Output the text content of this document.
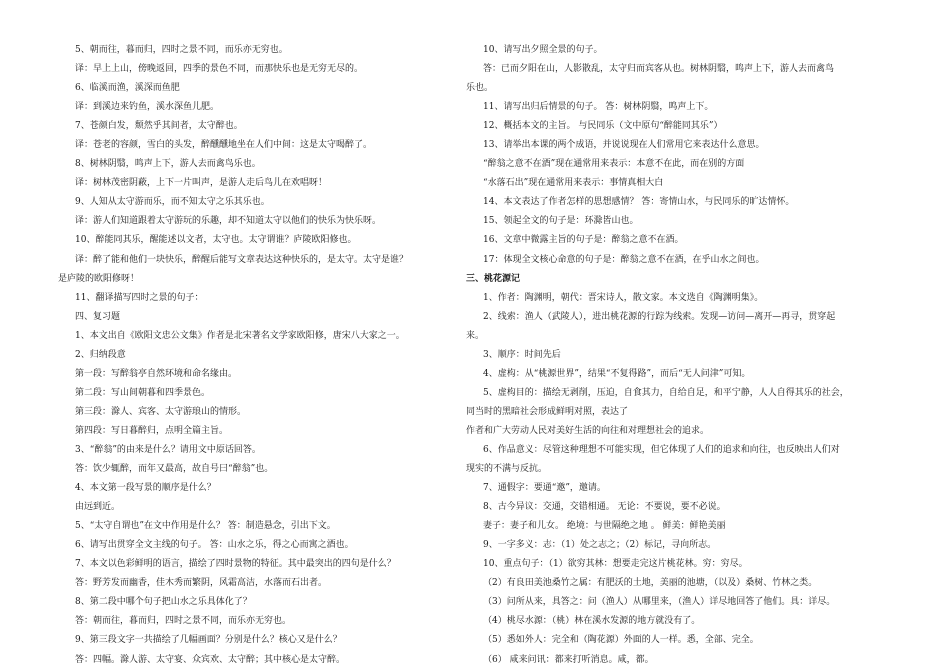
5、朝而往，暮而归，四时之景不同，而乐亦无穷也。
译：早上上山，傍晚返回，四季的景色不同，而那快乐也是无穷无尽的。
6、临溪而渔，溪深而鱼肥
译：到溪边来钓鱼，溪水深鱼儿肥。
7、苍颜白发，颓然乎其间者，太守醉也。
译：苍老的容颜，雪白的头发，醉醺醺地坐在人们中间：这是太守喝醉了。
8、树林阴翳，鸣声上下，游人去而禽鸟乐也。
译：树林茂密阴蔽，上下一片叫声，是游人走后鸟儿在欢唱呀！
9、人知从太守游而乐，而不知太守之乐其乐也。
译：游人们知道跟着太守游玩的乐趣，却不知道太守以他们的快乐为快乐呀。
10、醉能同其乐，醒能述以文者，太守也。太守谓谁？庐陵欧阳修也。
译：醉了能和他们一块快乐，醉醒后能写文章表达这种快乐的，是太守。太守是谁？
是庐陵的欧阳修呀！
11、翻译描写四时之景的句子：
四、复习题
1、本文出自《欧阳文忠公文集》作者是北宋著名文学家欧阳修，唐宋八大家之一。
2、归纳段意
第一段：写醉翁亭自然环境和命名缘由。
第二段：写山间朝暮和四季景色。
第三段：滁人、宾客、太守游琅山的情形。
第四段：写日暮醉归，点明全篇主旨。
3、“醉翁”的由来是什么？请用文中原话回答。
答：饮少辄醉，而年又最高，故自号曰“醉翁”也。
4、本文第一段写景的顺序是什么？
由远到近。
5、“太守自谓也”在文中作用是什么？ 答：制造悬念，引出下文。
6、请写出贯穿全文主线的句子。 答：山水之乐，得之心而寓之酒也。
7、本文以色彩鲜明的语言，描绘了四时景物的特征。其中最突出的四句是什么？
答：野芳发而幽香，佳木秀而繁阴，风霜高洁，水落而石出者。
8、第二段中哪个句子把山水之乐具体化了？
答：朝而往，暮而归，四时之景不同，而乐亦无穷也。
9、第三段文字一共描绘了几幅画面？分别是什么？核心又是什么？
答：四幅。滁人游、太守宴、众宾欢、太守醉；其中核心是太守醉。
10、请写出夕照全景的句子。
答：已而夕阳在山，人影散乱，太守归而宾客从也。树林阴翳，鸣声上下，游人去而禽鸟
乐也。
11、请写出归后情景的句子。 答：树林阴翳，鸣声上下。
12、概括本文的主旨。 与民同乐（文中原句“醉能同其乐”）
13、请举出本课的两个成语，并说说现在人们常用它来表达什么意思。
“醉翁之意不在酒”现在通常用来表示：本意不在此，而在别的方面
“水落石出”现在通常用来表示：事情真相大白
14、本文表达了作者怎样的思想感情？ 答：寄情山水，与民同乐的旷达情怀。
15、领起全文的句子是：环滁皆山也。
16、文章中微露主旨的句子是：醉翁之意不在酒。
17：体现全文核心命意的句子是：醉翁之意不在酒，在乎山水之间也。
三、桃花源记
1、作者：陶渊明，朝代：晋宋诗人，散文家。本文选自《陶渊明集》。
2、线索：渔人（武陵人），进出桃花源的行踪为线索。发现—访问—离开—再寻，贯穿起
来。
3、顺序：时间先后
4、虚构：从“桃源世界”，结果“不复得路”，而后“无人问津”可知。
5、虚构目的：描绘无剥削，压迫，自食其力，自给自足，和平宁静，人人自得其乐的社会，
同当时的黑暗社会形成鲜明对照，表达了
作者和广大劳动人民对美好生活的向往和对理想社会的追求。
6、作品意义：尽管这种理想不可能实现，但它体现了人们的追求和向往，也反映出人们对
现实的不满与反抗。
7、通假字：要通“邀”，邀请。
8、古今异议：交通，交错相通。 无论：不要说，要不必说。
妻子：妻子和儿女。 绝境：与世隔绝之地 。 鲜美：鲜艳美丽
9、一字多义：志：（1）处之志之；（2）标记，寻向所志。
10、重点句子：（1）欲穷其林：想要走完这片桃花林。穷：穷尽。
（2）有良田美池桑竹之属：有肥沃的土地，美丽的池塘，（以及）桑树、竹林之类。
（3）问所从来，具答之：问（渔人）从哪里来，（渔人）详尽地回答了他们。具：详尽。
（4）桃尽水源：（桃）林在溪水发源的地方就没有了。
（5）悉如外人：完全和（陶花源）外面的人一样。悉，全部、完全。
（6） 咸来问讯：都来打听消息。咸，都。
